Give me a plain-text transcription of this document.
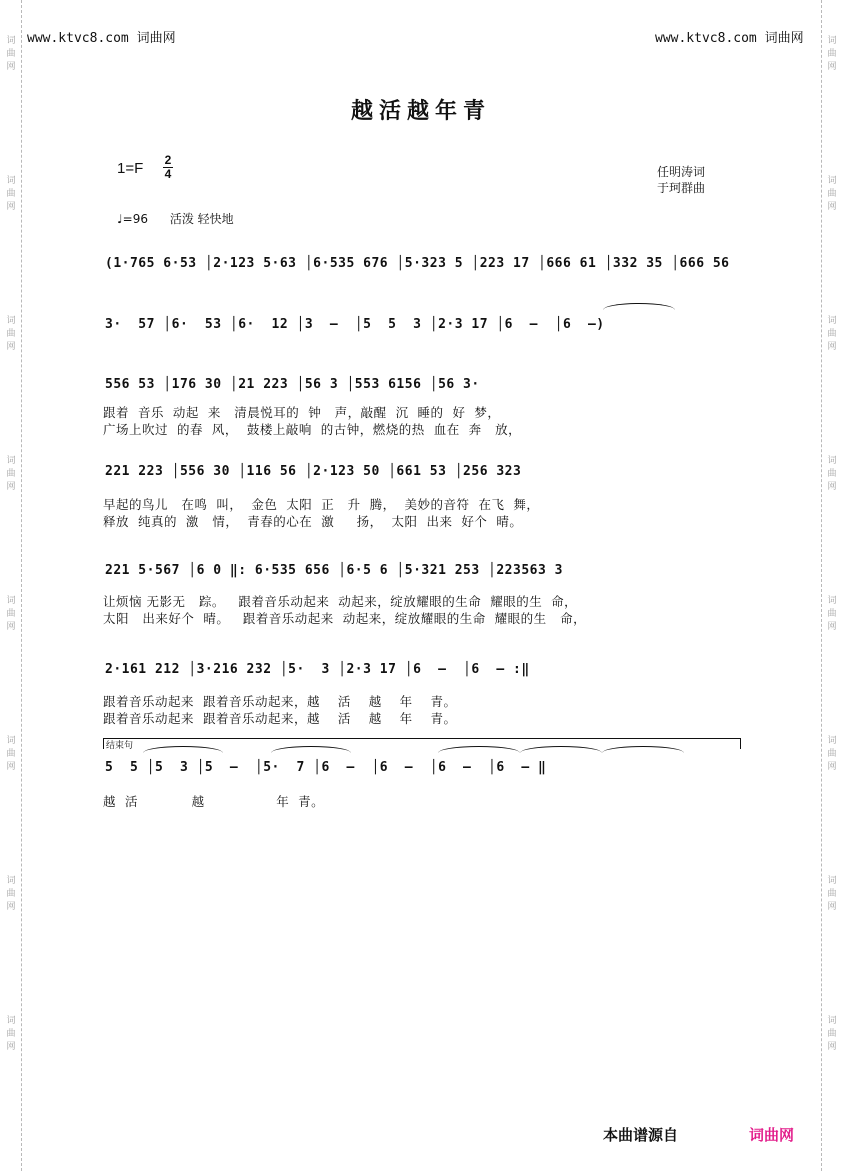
词曲网
词曲网
词曲网
词曲网
词曲网
词曲网
词曲网
词曲网
词曲网
词曲网
词曲网
词曲网
词曲网
词曲网
词曲网
词曲网
www.ktvc8.com 词曲网	www.ktvc8.com 词曲网
越活越年青
1=F 2
4	任明涛词
于珂群曲
♩=96 活泼 轻快地
(1·765 6·53 │2·123 5·63 │6·535 676 │5·323 5 │223 17 │666 61 │332 35 │666 56
3·  57 │6·  53 │6·  12 │3  –  │5  5  3 │2·3 17 │6  –  │6  –)
556 53 │176 30 │21 223 │56 3 │553 6156 │56 3·
跟着  音乐  动起  来   清晨悦耳的  钟   声，敲醒  沉  睡的  好  梦，
广场上吹过  的春  风，  鼓楼上敲响  的古钟，燃烧的热  血在  奔   放，
221 223 │556 30 │116 56 │2·123 50 │661 53 │256 323
早起的鸟儿   在鸣  叫，  金色  太阳  正   升  腾，  美妙的音符  在飞  舞，
释放  纯真的  激   情，  青春的心在  激     扬，  太阳  出来  好个  晴。
221 5·567 │6 0 ‖: 6·535 656 │6·5 6 │5·321 253 │223563 3
让烦恼 无影无   踪。   跟着音乐动起来  动起来，绽放耀眼的生命  耀眼的生  命，
太阳   出来好个  晴。   跟着音乐动起来  动起来，绽放耀眼的生命  耀眼的生   命，
2·161 212 │3·216 232 │5·  3 │2·3 17 │6  –  │6  – :‖
跟着音乐动起来  跟着音乐动起来，越    活    越    年    青。
跟着音乐动起来  跟着音乐动起来，越    活    越    年    青。
结束句
5  5 │5  3 │5  –  │5·  7 │6  –  │6  –  │6  –  │6  – ‖
越  活            越                年  青。
本曲谱源自	词曲网
